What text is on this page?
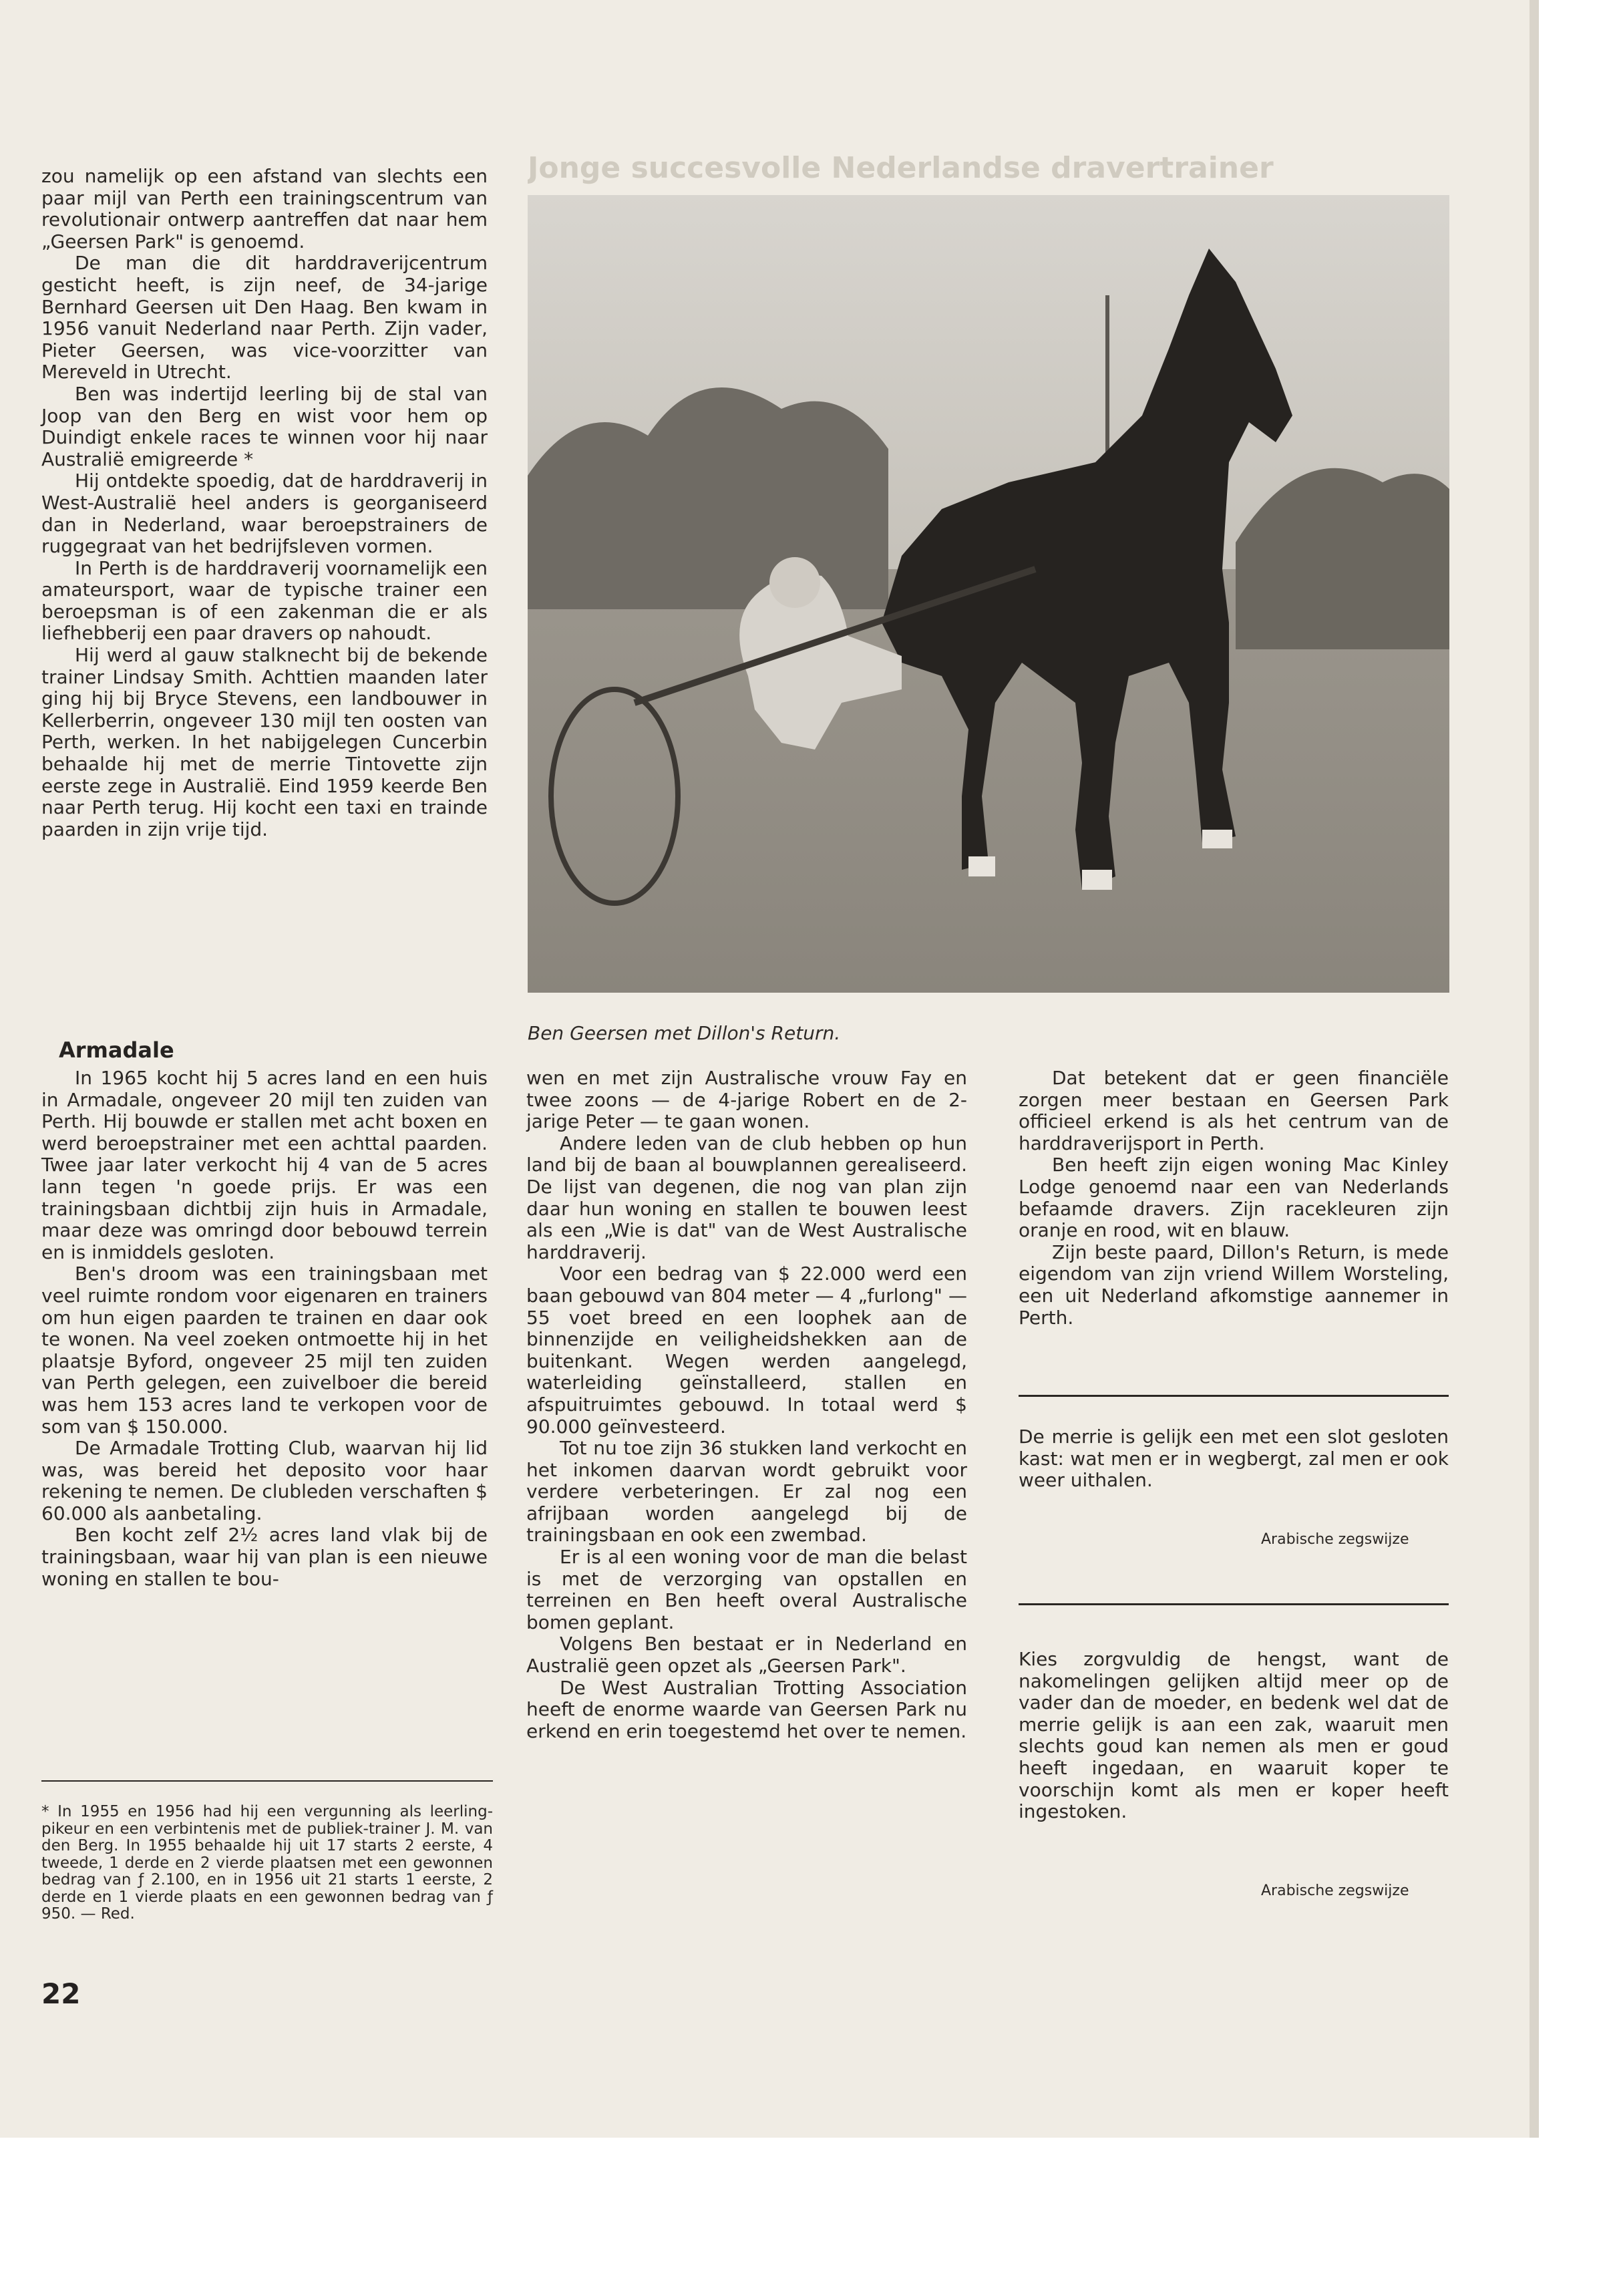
Jonge succesvolle Nederlandse dravertrainer

zou namelijk op een afstand van slechts een paar mijl van Perth een trainingscentrum van revolutionair ontwerp aantreffen dat naar hem „Geersen Park" is genoemd.

De man die dit harddraverijcentrum gesticht heeft, is zijn neef, de 34-jarige Bernhard Geersen uit Den Haag. Ben kwam in 1956 vanuit Nederland naar Perth. Zijn vader, Pieter Geersen, was vice-voorzitter van Mereveld in Utrecht.

Ben was indertijd leerling bij de stal van Joop van den Berg en wist voor hem op Duindigt enkele races te winnen voor hij naar Australië emigreerde *

Hij ontdekte spoedig, dat de harddraverij in West-Australië heel anders is georganiseerd dan in Nederland, waar beroepstrainers de ruggegraat van het bedrijfsleven vormen.

In Perth is de harddraverij voornamelijk een amateursport, waar de typische trainer een beroepsman is of een zakenman die er als liefhebberij een paar dravers op nahoudt.

Hij werd al gauw stalknecht bij de bekende trainer Lindsay Smith. Achttien maanden later ging hij bij Bryce Stevens, een landbouwer in Kellerberrin, ongeveer 130 mijl ten oosten van Perth, werken. In het nabijgelegen Cuncerbin behaalde hij met de merrie Tintovette zijn eerste zege in Australië. Eind 1959 keerde Ben naar Perth terug. Hij kocht een taxi en trainde paarden in zijn vrije tijd.

Armadale

In 1965 kocht hij 5 acres land en een huis in Armadale, ongeveer 20 mijl ten zuiden van Perth. Hij bouwde er stallen met acht boxen en werd beroepstrainer met een achttal paarden. Twee jaar later verkocht hij 4 van de 5 acres lann tegen 'n goede prijs. Er was een trainingsbaan dichtbij zijn huis in Armadale, maar deze was omringd door bebouwd terrein en is inmiddels gesloten.

Ben's droom was een trainingsbaan met veel ruimte rondom voor eigenaren en trainers om hun eigen paarden te trainen en daar ook te wonen. Na veel zoeken ontmoette hij in het plaatsje Byford, ongeveer 25 mijl ten zuiden van Perth gelegen, een zuivelboer die bereid was hem 153 acres land te verkopen voor de som van $ 150.000.

De Armadale Trotting Club, waarvan hij lid was, was bereid het deposito voor haar rekening te nemen. De clubleden verschaften $ 60.000 als aanbetaling.

Ben kocht zelf 2½ acres land vlak bij de trainingsbaan, waar hij van plan is een nieuwe woning en stallen te bou-

* In 1955 en 1956 had hij een vergunning als leerling-pikeur en een verbintenis met de publiek-trainer J. M. van den Berg. In 1955 behaalde hij uit 17 starts 2 eerste, 4 tweede, 1 derde en 2 vierde plaatsen met een gewonnen bedrag van ƒ 2.100, en in 1956 uit 21 starts 1 eerste, 2 derde en 1 vierde plaats en een gewonnen bedrag van ƒ 950. — Red.
22
Ben Geersen met Dillon's Return.

wen en met zijn Australische vrouw Fay en twee zoons — de 4-jarige Robert en de 2-jarige Peter — te gaan wonen.

Andere leden van de club hebben op hun land bij de baan al bouwplannen gerealiseerd. De lijst van degenen, die nog van plan zijn daar hun woning en stallen te bouwen leest als een „Wie is dat" van de West Australische harddraverij.

Voor een bedrag van $ 22.000 werd een baan gebouwd van 804 meter — 4 „furlong" — 55 voet breed en een loophek aan de binnenzijde en veiligheidshekken aan de buitenkant. Wegen werden aangelegd, waterleiding geïnstalleerd, stallen en afspuitruimtes gebouwd. In totaal werd $ 90.000 geïnvesteerd.

Tot nu toe zijn 36 stukken land verkocht en het inkomen daarvan wordt gebruikt voor verdere verbeteringen. Er zal nog een afrijbaan worden aangelegd bij de trainingsbaan en ook een zwembad.

Er is al een woning voor de man die belast is met de verzorging van opstallen en terreinen en Ben heeft overal Australische bomen geplant.

Volgens Ben bestaat er in Nederland en Australië geen opzet als „Geersen Park".

De West Australian Trotting Association heeft de enorme waarde van Geersen Park nu erkend en erin toegestemd het over te nemen.

Dat betekent dat er geen financiële zorgen meer bestaan en Geersen Park officieel erkend is als het centrum van de harddraverijsport in Perth.

Ben heeft zijn eigen woning Mac Kinley Lodge genoemd naar een van Nederlands befaamde dravers. Zijn racekleuren zijn oranje en rood, wit en blauw.

Zijn beste paard, Dillon's Return, is mede eigendom van zijn vriend Willem Worsteling, een uit Nederland afkomstige aannemer in Perth.

De merrie is gelijk een met een slot gesloten kast: wat men er in wegbergt, zal men er ook weer uithalen.
Arabische zegswijze
Kies zorgvuldig de hengst, want de nakomelingen gelijken altijd meer op de vader dan de moeder, en bedenk wel dat de merrie gelijk is aan een zak, waaruit men slechts goud kan nemen als men er goud heeft ingedaan, en waaruit koper te voorschijn komt als men er koper heeft ingestoken.
Arabische zegswijze
